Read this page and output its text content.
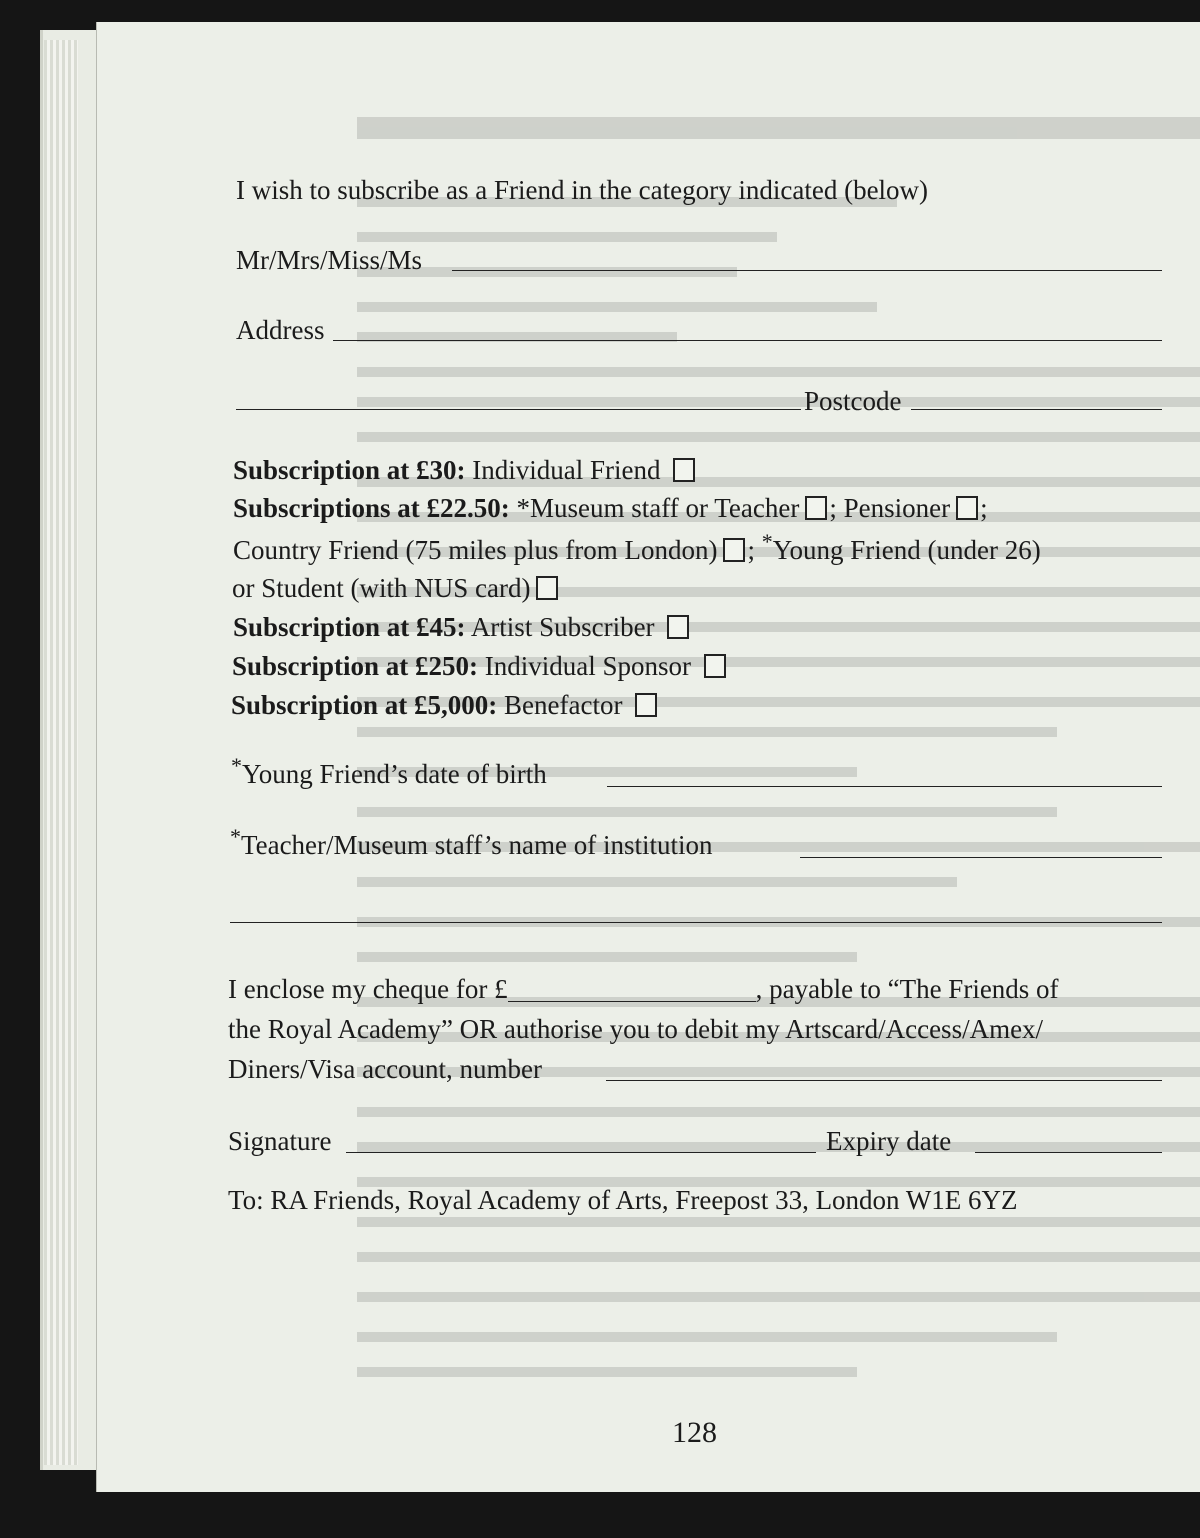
I wish to subscribe as a Friend in the category indicated (below)
Mr/Mrs/Miss/Ms
Address
Postcode
Subscription at £30: Individual Friend
Subscriptions at £22.50: *Museum staff or Teacher ; Pensioner ;
Country Friend (75 miles plus from London) ; *Young Friend (under 26)
or Student (with NUS card)
Subscription at £45: Artist Subscriber
Subscription at £250: Individual Sponsor
Subscription at £5,000: Benefactor
*Young Friend’s date of birth
*Teacher/Museum staff’s name of institution
I enclose my cheque for £	, payable to “The Friends of
the Royal Academy” OR authorise you to debit my Artscard/Access/Amex/
Diners/Visa account, number
Signature	Expiry date
To: RA Friends, Royal Academy of Arts, Freepost 33, London W1E 6YZ
128
